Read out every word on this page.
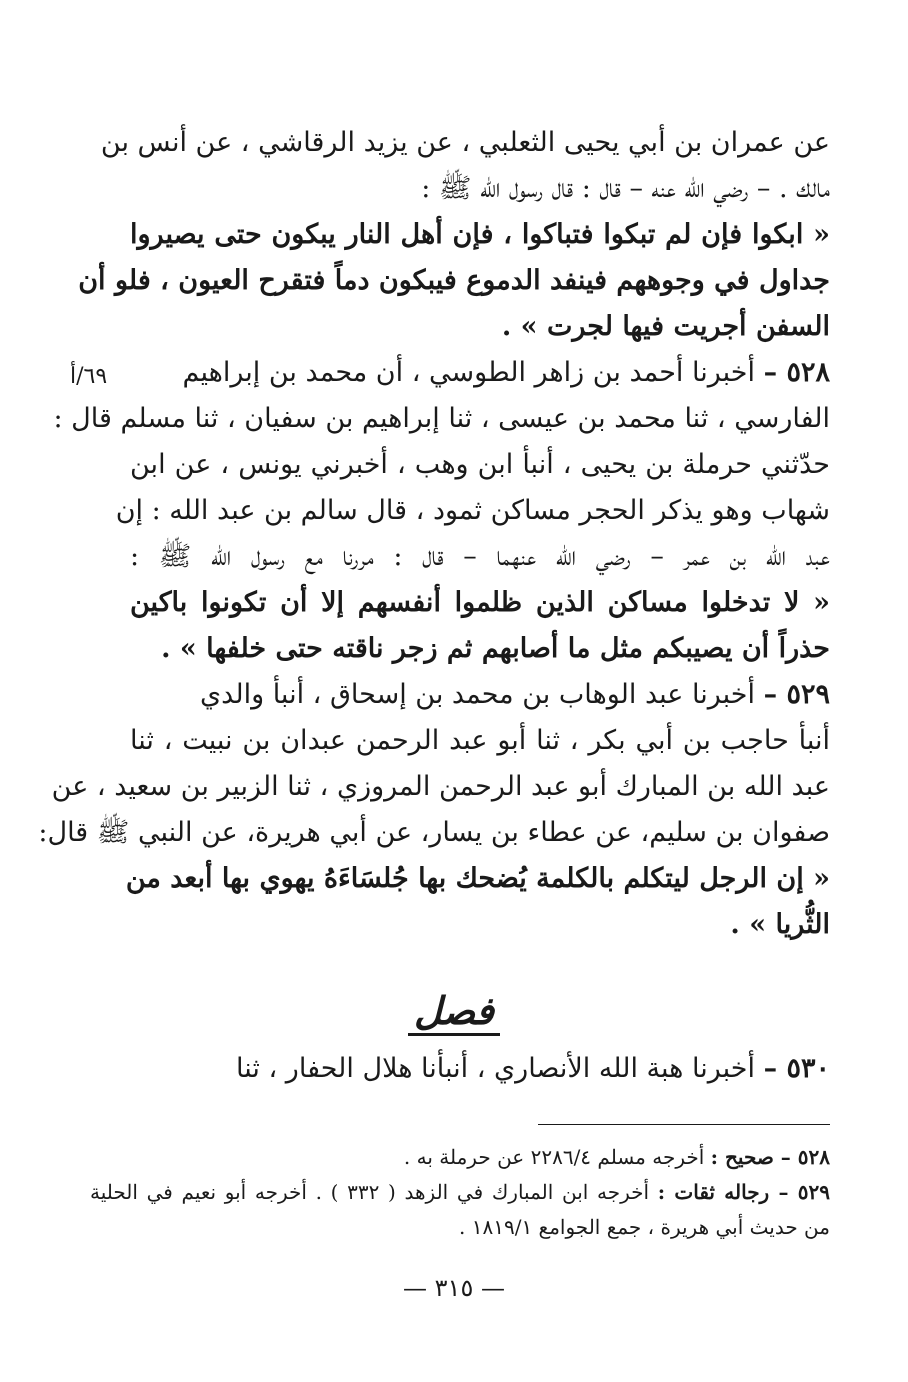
عن عمران بن أبي يحيى الثعلبي ، عن يزيد الرقاشي ، عن أنس بن
مالك . – رضي الله عنه – قال : قال رسول الله ﷺ :
« ابكوا فإن لم تبكوا فتباكوا ، فإن أهل النار يبكون حتى يصيروا
جداول في وجوههم فينفد الدموع فيبكون دماً فتقرح العيون ، فلو أن
السفن أجريت فيها لجرت » .
٥٢٨ – أخبرنا أحمد بن زاهر الطوسي ، أن محمد بن إبراهيم
الفارسي ، ثنا محمد بن عيسى ، ثنا إبراهيم بن سفيان ، ثنا مسلم قال :
حدّثني حرملة بن يحيى ، أنبأ ابن وهب ، أخبرني يونس ، عن ابن
شهاب وهو يذكر الحجر مساكن ثمود ، قال سالم بن عبد الله : إن
عبد الله بن عمر – رضي الله عنهما – قال : مررنا مع رسول الله ﷺ :
« لا تدخلوا مساكن الذين ظلموا أنفسهم إلا أن تكونوا باكين
حذراً أن يصيبكم مثل ما أصابهم ثم زجر ناقته حتى خلفها » .
٥٢٩ – أخبرنا عبد الوهاب بن محمد بن إسحاق ، أنبأ والدي
أنبأ حاجب بن أبي بكر ، ثنا أبو عبد الرحمن عبدان بن نبيت ، ثنا
عبد الله بن المبارك أبو عبد الرحمن المروزي ، ثنا الزبير بن سعيد ، عن
صفوان بن سليم، عن عطاء بن يسار، عن أبي هريرة، عن النبي ﷺ قال:
« إن الرجل ليتكلم بالكلمة يُضحك بها جُلسَاءَهُ يهوي بها أبعد من
الثُّريا » .
٦٩/أ
فصل
٥٣٠ – أخبرنا هبة الله الأنصاري ، أنبأنا هلال الحفار ، ثنا
٥٢٨ – صحيح : أخرجه مسلم ٢٢٨٦/٤ عن حرملة به .
٥٢٩ – رجاله ثقات : أخرجه ابن المبارك في الزهد ( ٣٣٢ ) . أخرجه أبو نعيم في الحلية
من حديث أبي هريرة ، جمع الجوامع ١٨١٩/١ .
— ٣١٥ —
